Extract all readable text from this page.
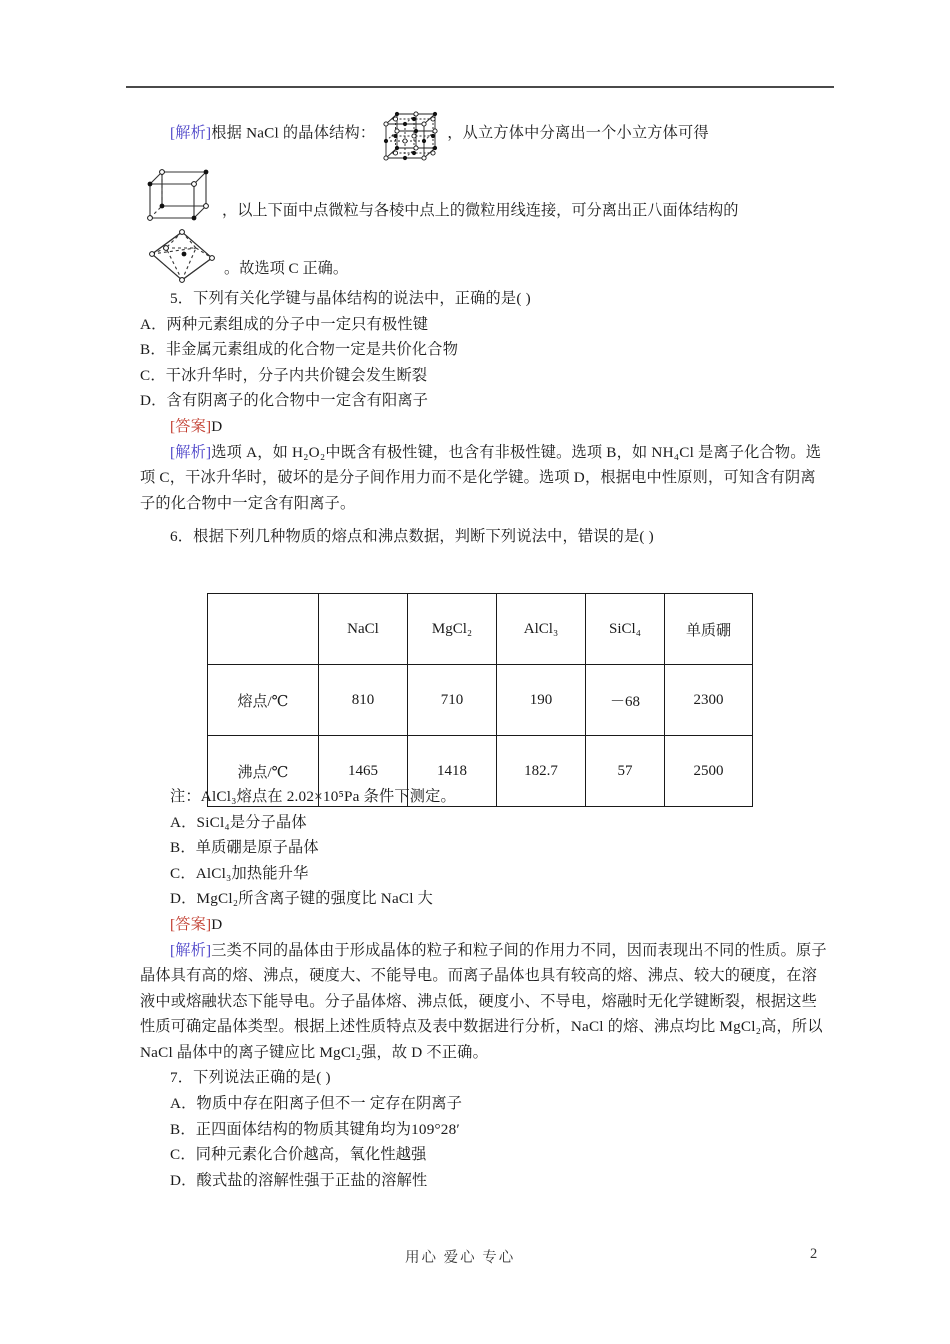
[解析]根据 NaCl 的晶体结构：	，从立方体中分离出一个小立方体可得
，以上下面中点微粒与各棱中点上的微粒用线连接，可分离出正八面体结构的
。故选项 C 正确。
5．下列有关化学键与晶体结构的说法中，正确的是( )
A．两种元素组成的分子中一定只有极性键
B．非金属元素组成的化合物一定是共价化合物
C．干冰升华时，分子内共价键会发生断裂
D．含有阴离子的化合物中一定含有阳离子
[答案]D
[解析]选项 A，如 H₂O₂中既含有极性键，也含有非极性键。选项 B，如 NH₄Cl 是离子化合物。选项 C，干冰升华时，破坏的是分子间作用力而不是化学键。选项 D，根据电中性原则，可知含有阴离子的化合物中一定含有阳离子。
6．根据下列几种物质的熔点和沸点数据，判断下列说法中，错误的是( )
注：AlCl₃熔点在 2.02×10⁵Pa 条件下测定。
A．SiCl₄是分子晶体
B．单质硼是原子晶体
C．AlCl₃加热能升华
D．MgCl₂所含离子键的强度比 NaCl 大
[答案]D
[解析]三类不同的晶体由于形成晶体的粒子和粒子间的作用力不同，因而表现出不同的性质。原子晶体具有高的熔、沸点，硬度大、不能导电。而离子晶体也具有较高的熔、沸点、较大的硬度，在溶液中或熔融状态下能导电。分子晶体熔、沸点低，硬度小、不导电，熔融时无化学键断裂，根据这些性质可确定晶体类型。根据上述性质特点及表中数据进行分析，NaCl 的熔、沸点均比 MgCl₂高，所以 NaCl 晶体中的离子键应比 MgCl₂强，故 D 不正确。
7．下列说法正确的是( )
A．物质中存在阳离子但不一 定存在阴离子
B．正四面体结构的物质其键角均为109°28′
C．同种元素化合价越高，氧化性越强
D．酸式盐的溶解性强于正盐的溶解性
	NaCl	MgCl₂	AlCl₃	SiCl₄	单质硼
熔点/℃	810	710	190	－68	2300
沸点/℃	1465	1418	182.7	57	2500
用心 爱心 专心	2
